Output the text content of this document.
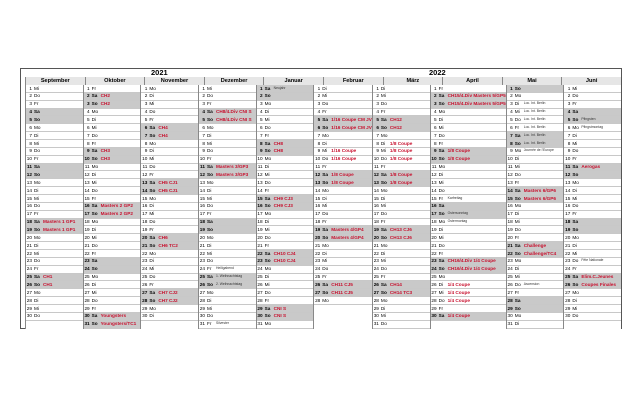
2021	2022
September	Oktober	November	Dezember	Januar	Februar	März	April	Mai	Juni
1 Mi
2 Do
3 Fr
4 Sa
5 So
6 Mo
7 Di
8 Mi
9 Do
10 Fr
11 Sa
12 So
13 Mo
14 Di
15 Mi
16 Do
17 Fr
18 Sa Masters 1 GP1
19 So Masters 1 GP1
20 Mo
21 Di
22 Mi
23 Do
24 Fr
25 Sa CH1
26 So CH1
27 Mo
28 Di
29 Mi
30 Do
1 Fr
2 Sa CH2
3 So CH2
4 Mo
5 Di
6 Mi
7 Do
8 Fr
9 Sa CH3
10 So CH3
11 Mo
12 Di
13 Mi
14 Do
15 Fr
16 Sa Masters 2 GP2
17 So Masters 2 GP2
18 Mo
19 Di
20 Mi
21 Do
22 Fr
23 Sa
24 So
25 Mo
26 Di
27 Mi
28 Do
29 Fr
30 Sa Youngsters
31 So Youngsters/TC1
1 Mo
2 Di
3 Mi
4 Do
5 Fr
6 Sa CH4
7 So CH4
8 Mo
9 Di
10 Mi
11 Do
12 Fr
13 Sa CH5 CJ1
14 So CH5 CJ1
15 Mo
16 Di
17 Mi
18 Do
19 Fr
20 Sa CH6
21 So CH6 TC2
22 Mo
23 Di
24 Mi
25 Do
26 Fr
27 Sa CH7 CJ2
28 So CH7 CJ2
29 Mo
30 Di
1 Mi
2 Do
3 Fr
4 Sa CH8/4.Div CNI S
5 So CH8/4.Div CNI S
6 Mo
7 Di
8 Mi
9 Do
10 Fr
11 Sa Masters 3/GP3
12 So Masters 3/GP3
13 Mo
14 Di
15 Mi
16 Do
17 Fr
18 Sa
19 So
20 Mo
21 Di
22 Mi
23 Do
24 Fr	Heiligabend
25 Sa 1. Weihnachtstag
26 So 2. Weihnachtstag
27 Mo
28 Di
29 Mi
30 Do
31 Fr	Silvester
1 Sa Neujahr
2 So
3 Mo
4 Di
5 Mi
6 Do
7 Fr
8 Sa CH8
9 So CH8
10 Mo
11 Di
12 Mi
13 Do
14 Fr
15 Sa CH9 CJ3
16 So CH9 CJ3
17 Mo
18 Di
19 Mi
20 Do
21 Fr
22 Sa CH10 CJ4
23 So CH10 CJ4
24 Mo
25 Di
26 Mi
27 Do
28 Fr
29 Sa CNI S
30 So CNI S
31 Mo
1 Di
2 Mi
3 Do
4 Fr
5 Sa 1/16 Coupe CM JV
6 So 1/16 Coupe CM JV
7 Mo
8 Di
9 Mi 1/16 Coupe
10 Do 1/16 Coupe
11 Fr
12 Sa 1/8 Coupe
13 So 1/8 Coupe
14 Mo
15 Di
16 Mi
17 Do
18 Fr
19 Sa Masters 4/GP4
20 So Masters 4/GP4
21 Mo
22 Di
23 Mi
24 Do
25 Fr
26 Sa CH11 CJ5
27 So CH11 CJ5
28 Mo
1 Di
2 Mi
3 Do
4 Fr
5 Sa CH12
6 So CH12
7 Mo
8 Di 1/8 Coupe
9 Mi 1/8 Coupe
10 Do 1/8 Coupe
11 Fr
12 Sa 1/8 Coupe
13 So 1/8 Coupe
14 Mo
15 Di
16 Mi
17 Do
18 Fr
19 Sa CH13 CJ6
20 So CH13 CJ6
21 Mo
22 Di
23 Mi
24 Do
25 Fr
26 Sa CH14
27 So CH14 TC3
28 Mo
29 Di
30 Mi
31 Do
1 Fr
2 Sa CH15/4.Div Masters 5/GP5
3 So CH15/4.Div Masters 5/GP5
4 Mo
5 Di
6 Mi
7 Do
8 Fr
9 Sa 1/8 Coupe
10 So 1/8 Coupe
11 Mo
12 Di
13 Mi
14 Do
15 Fr	Karfreitag
16 Sa
17 So Ostersonntag
18 Mo Ostermontag
19 Di
20 Mi
21 Do
22 Fr
23 Sa CH16/4.Div 1/4 Coupe
24 So CH16/4.Div 1/4 Coupe
25 Mo
26 Di 1/4 Coupe
27 Mi 1/4 Coupe
28 Do 1/4 Coupe
29 Fr
30 Sa 1/4 Coupe
1 So
2 Mo
3 Di	Loc. Int. Berlin
4 Mi	Loc. Int. Berlin
5 Do Loc. Int. Berlin
6 Fr	Loc. Int. Berlin
7 Sa Loc. Int. Berlin
8 So Loc. Int. Berlin
9 Mo Journée de l'Europe
10 Di
11 Mi
12 Do
13 Fr
14 Sa Masters 6/GP6
15 So Masters 6/GP6
16 Mo
17 Di
18 Mi
19 Do
20 Fr
21 Sa Challenge
22 So Challenge/TC4
23 Mo
24 Di
25 Mi
26 Do Ascension
27 Fr
28 Sa
29 So
30 Mo
31 Di
1 Mi
2 Do
3 Fr
4 Sa
5 So Pfingsten
6 Mo Pfingstmontag
7 Di
8 Mi
9 Do
10 Fr
11 Sa Aerogas
12 So
13 Mo
14 Di
15 Mi
16 Do
17 Fr
18 Sa
19 So
20 Mo
21 Di
22 Mi
23 Do Fête Nationale
24 Fr
25 Sa Elim.C.Jeunes
26 So Coupes Finales
27 Mo
28 Di
29 Mi
30 Do
